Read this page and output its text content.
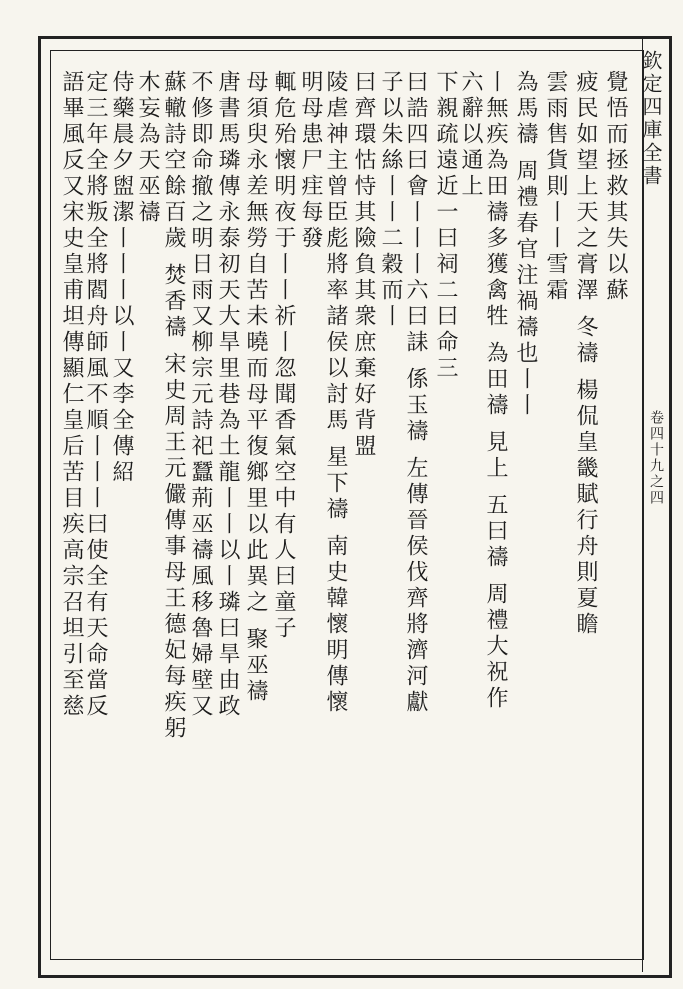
欽定四庫全書
卷四十九之四
覺悟而拯救其失以蘇
疲民如望上天之膏澤 冬禱 楊侃皇畿賦行舟則夏瞻
雲雨售貨則丨丨雪霜
為馬禱 周禮春官注禍禱也丨丨
丨無疾為田禱多獲禽牲 為田禱 見上 五曰禱 周禮大祝作
六辭以通上
下親疏遠近一曰祠二曰命三
曰誥四曰會丨丨丨六曰誄 係玉禱 左傳晉侯伐齊將濟河獻
子以朱絲丨丨二穀而丨
曰齊環怙恃其險負其衆庶棄好背盟
陵虐神主曾臣彪將率諸侯以討馬 星下禱 南史韓懷明傳懷
明母患尸疰每發
輒危殆懷明夜于丨丨祈丨忽聞香氣空中有人曰童子
母須臾永差無勞自苦未曉而母平復鄉里以此異之 聚巫禱
唐書馬璘傳永泰初天大旱里巷為土龍丨丨以丨璘曰旱由政
不修即命撤之明日雨又柳宗元詩祀蠶荊巫禱風移魯婦壁又
蘇轍詩空餘百歲 焚香禱 宋史周王元儼傳事母王德妃每疾躬
木妄為天巫禱
侍藥晨夕盥潔丨丨丨以丨又李全傳紹
定三年全將叛全將閻舟師風不順丨丨丨曰使全有天命當反
語畢風反又宋史皇甫坦傳顯仁皇后苦目疾高宗召坦引至慈
